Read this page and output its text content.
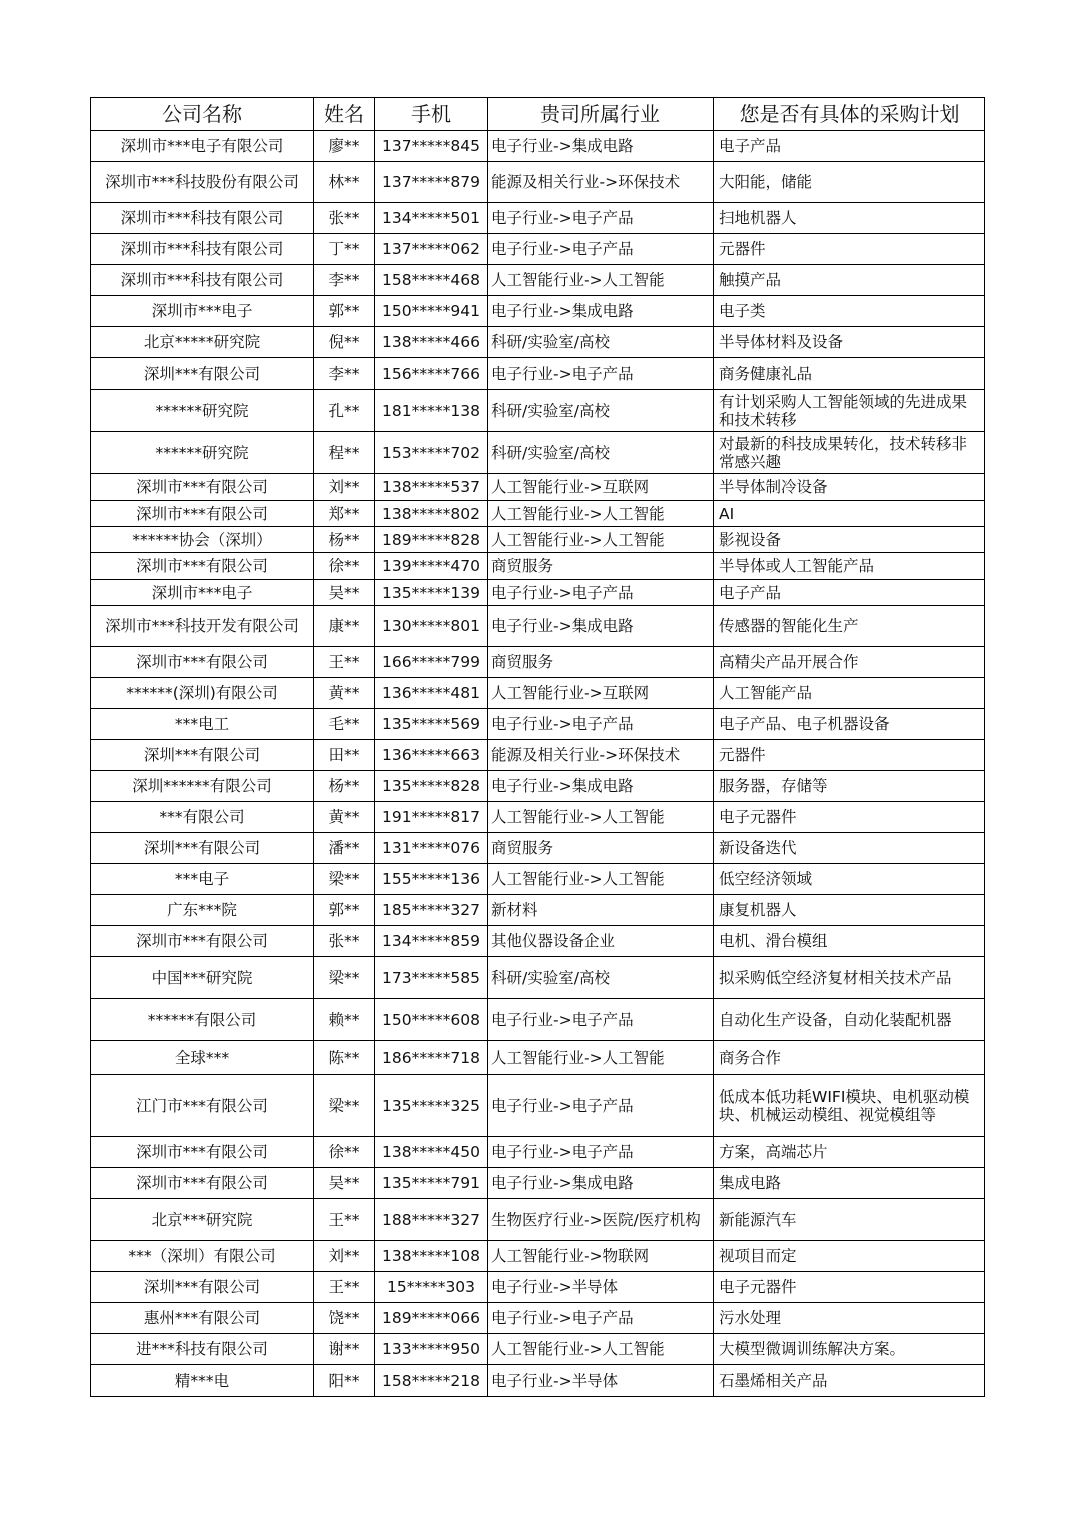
公司名称	姓名	手机	贵司所属行业	您是否有具体的采购计划
深圳市***电子有限公司	廖**	137*****845	电子行业->集成电路	电子产品
深圳市***科技股份有限公司	林**	137*****879	能源及相关行业->环保技术	大阳能，储能
深圳市***科技有限公司	张**	134*****501	电子行业->电子产品	扫地机器人
深圳市***科技有限公司	丁**	137*****062	电子行业->电子产品	元器件
深圳市***科技有限公司	李**	158*****468	人工智能行业->人工智能	触摸产品
深圳市***电子	郭**	150*****941	电子行业->集成电路	电子类
北京*****研究院	倪**	138*****466	科研/实验室/高校	半导体材料及设备
深圳***有限公司	李**	156*****766	电子行业->电子产品	商务健康礼品
******研究院	孔**	181*****138	科研/实验室/高校	有计划采购人工智能领域的先进成果和技术转移
******研究院	程**	153*****702	科研/实验室/高校	对最新的科技成果转化，技术转移非常感兴趣
深圳市***有限公司	刘**	138*****537	人工智能行业->互联网	半导体制冷设备
深圳市***有限公司	郑**	138*****802	人工智能行业->人工智能	AI
******协会（深圳）	杨**	189*****828	人工智能行业->人工智能	影视设备
深圳市***有限公司	徐**	139*****470	商贸服务	半导体或人工智能产品
深圳市***电子	吴**	135*****139	电子行业->电子产品	电子产品
深圳市***科技开发有限公司	康**	130*****801	电子行业->集成电路	传感器的智能化生产
深圳市***有限公司	王**	166*****799	商贸服务	高精尖产品开展合作
******(深圳)有限公司	黄**	136*****481	人工智能行业->互联网	人工智能产品
***电工	毛**	135*****569	电子行业->电子产品	电子产品、电子机器设备
深圳***有限公司	田**	136*****663	能源及相关行业->环保技术	元器件
深圳******有限公司	杨**	135*****828	电子行业->集成电路	服务器，存储等
***有限公司	黄**	191*****817	人工智能行业->人工智能	电子元器件
深圳***有限公司	潘**	131*****076	商贸服务	新设备迭代
***电子	梁**	155*****136	人工智能行业->人工智能	低空经济领域
广东***院	郭**	185*****327	新材料	康复机器人
深圳市***有限公司	张**	134*****859	其他仪器设备企业	电机、滑台模组
中国***研究院	梁**	173*****585	科研/实验室/高校	拟采购低空经济复材相关技术产品
******有限公司	赖**	150*****608	电子行业->电子产品	自动化生产设备，自动化装配机器
全球***	陈**	186*****718	人工智能行业->人工智能	商务合作
江门市***有限公司	梁**	135*****325	电子行业->电子产品	低成本低功耗WIFI模块、电机驱动模块、机械运动模组、视觉模组等
深圳市***有限公司	徐**	138*****450	电子行业->电子产品	方案，高端芯片
深圳市***有限公司	吴**	135*****791	电子行业->集成电路	集成电路
北京***研究院	王**	188*****327	生物医疗行业->医院/医疗机构	新能源汽车
***（深圳）有限公司	刘**	138*****108	人工智能行业->物联网	视项目而定
深圳***有限公司	王**	15*****303	电子行业->半导体	电子元器件
惠州***有限公司	饶**	189*****066	电子行业->电子产品	污水处理
进***科技有限公司	谢**	133*****950	人工智能行业->人工智能	大模型微调训练解决方案。
精***电	阳**	158*****218	电子行业->半导体	石墨烯相关产品
